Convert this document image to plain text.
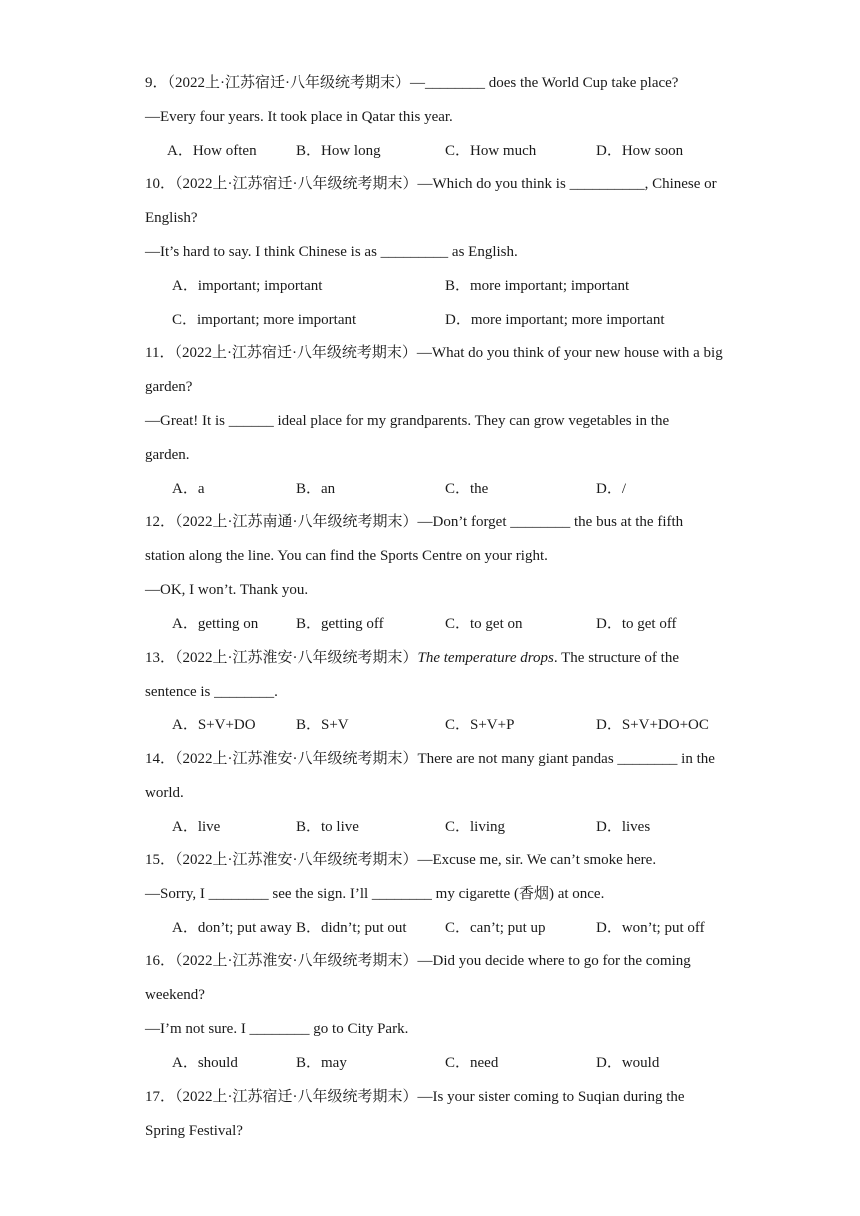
9．（2022上·江苏宿迁·八年级统考期末）—________ does the World Cup take place?
—Every four years. It took place in Qatar this year.
A．How often	B．How long	C．How much	D．How soon
10．（2022上·江苏宿迁·八年级统考期末）—Which do you think is __________, Chinese or
English?
—It’s hard to say. I think Chinese is as _________ as English.
A．important; important	B．more important; important
C．important; more important	D．more important; more important
11．（2022上·江苏宿迁·八年级统考期末）—What do you think of your new house with a big
garden?
—Great! It is ______ ideal place for my grandparents. They can grow vegetables in the
garden.
A．a	B．an	C．the	D．/
12．（2022上·江苏南通·八年级统考期末）—Don’t forget ________ the bus at the fifth
station along the line. You can find the Sports Centre on your right.
—OK, I won’t. Thank you.
A．getting on	B．getting off	C．to get on	D．to get off
13．（2022上·江苏淮安·八年级统考期末）The temperature drops. The structure of the
sentence is ________.
A．S+V+DO	B．S+V	C．S+V+P	D．S+V+DO+OC
14．（2022上·江苏淮安·八年级统考期末）There are not many giant pandas ________ in the
world.
A．live	B．to live	C．living	D．lives
15．（2022上·江苏淮安·八年级统考期末）—Excuse me, sir. We can’t smoke here.
—Sorry, I ________ see the sign. I’ll ________ my cigarette (香烟) at once.
A．don’t; put away B．didn’t; put out	C．can’t; put up	D．won’t; put off
16．（2022上·江苏淮安·八年级统考期末）—Did you decide where to go for the coming
weekend?
—I’m not sure. I ________ go to City Park.
A．should	B．may	C．need	D．would
17．（2022上·江苏宿迁·八年级统考期末）—Is your sister coming to Suqian during the
Spring Festival?
